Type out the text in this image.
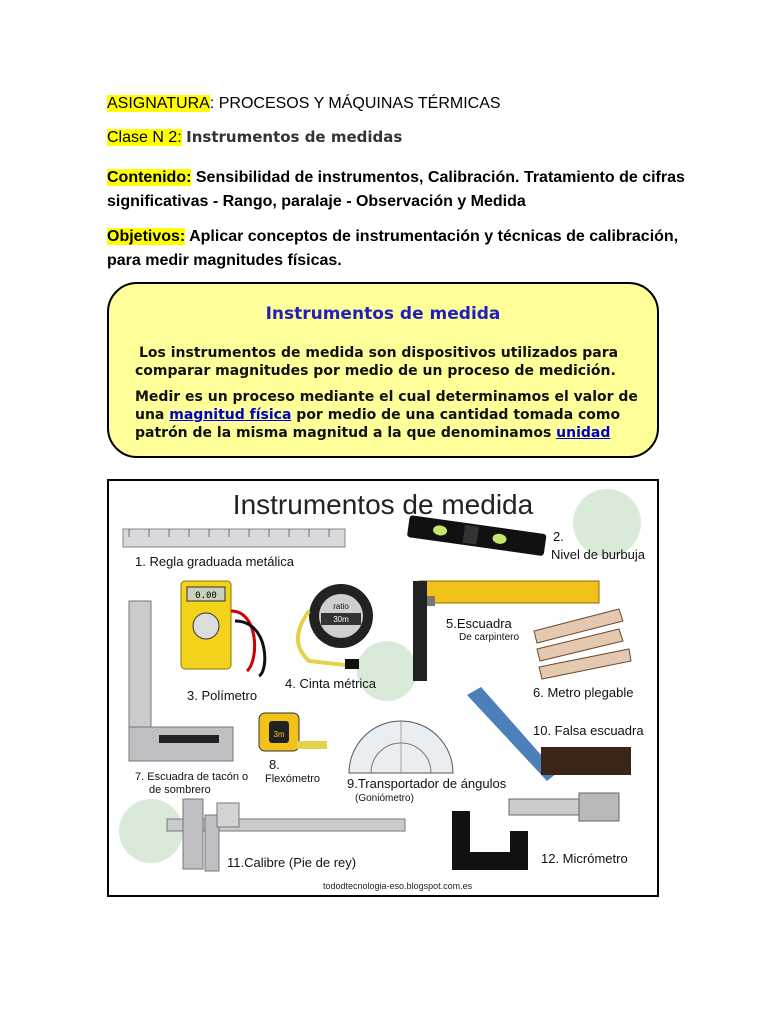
ASIGNATURA: PROCESOS Y MÁQUINAS TÉRMICAS
Clase N 2: Instrumentos de medidas
Contenido: Sensibilidad de instrumentos, Calibración. Tratamiento de cifras
significativas - Rango, paralaje - Observación y Medida
Objetivos: Aplicar conceptos de instrumentación y técnicas de calibración,
para medir magnitudes físicas.
Instrumentos de medida
Los instrumentos de medida son dispositivos utilizados para
comparar magnitudes por medio de un proceso de medición.
Medir es un proceso mediante el cual determinamos el valor de
una magnitud física por medio de una cantidad tomada como
patrón de la misma magnitud a la que denominamos unidad
0.00
ratio
30m
3m
Instrumentos de medida
1. Regla graduada metálica
2.
Nivel de burbuja
3. Polímetro
4. Cinta métrica
5.Escuadra
De carpintero
6. Metro plegable
7. Escuadra de tacón o
de sombrero
8.
Flexómetro 9.Transportador de ángulos
(Goniómetro)
10. Falsa escuadra
11.Calibre (Pie de rey)	12. Micrómetro
tododtecnologia-eso.blogspot.com.es
